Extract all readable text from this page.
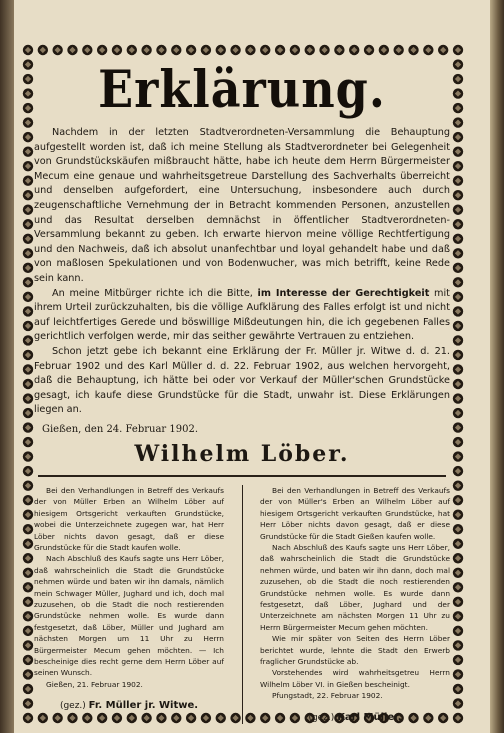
Erklärung.
Nachdem in der letzten Stadtverordneten-Versammlung die Behauptung aufgestellt worden ist, daß ich meine Stellung als Stadtverordneter bei Gelegenheit von Grundstückskäufen mißbraucht hätte, habe ich heute dem Herrn Bürgermeister Mecum eine genaue und wahrheitsgetreue Darstellung des Sachverhalts überreicht und denselben aufgefordert, eine Untersuchung, insbesondere auch durch zeugenschaftliche Vernehmung der in Betracht kommenden Personen, anzustellen und das Resultat derselben demnächst in öffentlicher Stadtverordneten-Versammlung bekannt zu geben. Ich erwarte hiervon meine völlige Rechtfertigung und den Nachweis, daß ich absolut unanfechtbar und loyal gehandelt habe und daß von maßlosen Spekulationen und von Bodenwucher, was mich betrifft, keine Rede sein kann.
An meine Mitbürger richte ich die Bitte, im Interesse der Gerechtigkeit mit ihrem Urteil zurückzuhalten, bis die völlige Aufklärung des Falles erfolgt ist und nicht auf leichtfertiges Gerede und böswillige Mißdeutungen hin, die ich gegebenen Falles gerichtlich verfolgen werde, mir das seither gewährte Vertrauen zu entziehen.
Schon jetzt gebe ich bekannt eine Erklärung der Fr. Müller jr. Witwe d. d. 21. Februar 1902 und des Karl Müller d. d. 22. Februar 1902, aus welchen hervorgeht, daß die Behauptung, ich hätte bei oder vor Verkauf der Müller'schen Grundstücke gesagt, ich kaufe diese Grundstücke für die Stadt, unwahr ist. Diese Erklärungen liegen an.
Gießen, den 24. Februar 1902.
Wilhelm Löber.

Bei den Verhandlungen in Betreff des Verkaufs der von Müller Erben an Wilhelm Löber auf hiesigem Ortsgericht verkauften Grundstücke, wobei die Unterzeichnete zugegen war, hat Herr Löber nichts davon gesagt, daß er diese Grundstücke für die Stadt kaufen wolle.

Nach Abschluß des Kaufs sagte uns Herr Löber, daß wahrscheinlich die Stadt die Grundstücke nehmen würde und baten wir ihn damals, nämlich mein Schwager Müller, Jughard und ich, doch mal zuzusehen, ob die Stadt die noch restierenden Grundstücke nehmen wolle. Es wurde dann festgesetzt, daß Löber, Müller und Jughard am nächsten Morgen um 11 Uhr zu Herrn Bürgermeister Mecum gehen möchten. — Ich bescheinige dies recht gerne dem Herrn Löber auf seinen Wunsch.

Gießen, 21. Februar 1902.

(gez.) Fr. Müller jr. Witwe.

Bei den Verhandlungen in Betreff des Verkaufs der von Müller's Erben an Wilhelm Löber auf hiesigem Ortsgericht verkauften Grundstücke, hat Herr Löber nichts davon gesagt, daß er diese Grundstücke für die Stadt Gießen kaufen wolle.

Nach Abschluß des Kaufs sagte uns Herr Löber, daß wahrscheinlich die Stadt die Grundstücke nehmen würde, und baten wir ihn dann, doch mal zuzusehen, ob die Stadt die noch restierenden Grundstücke nehmen wolle. Es wurde dann festgesetzt, daß Löber, Jughard und der Unterzeichnete am nächsten Morgen 11 Uhr zu Herrn Bürgermeister Mecum gehen möchten.

Wie mir später von Seiten des Herrn Löber berichtet wurde, lehnte die Stadt den Erwerb fraglicher Grundstücke ab.

Vorstehendes wird wahrheitsgetreu Herrn Wilhelm Löber VI. in Gießen bescheinigt.

Pfungstadt, 22. Februar 1902.

(gez.) Karl Müller.
